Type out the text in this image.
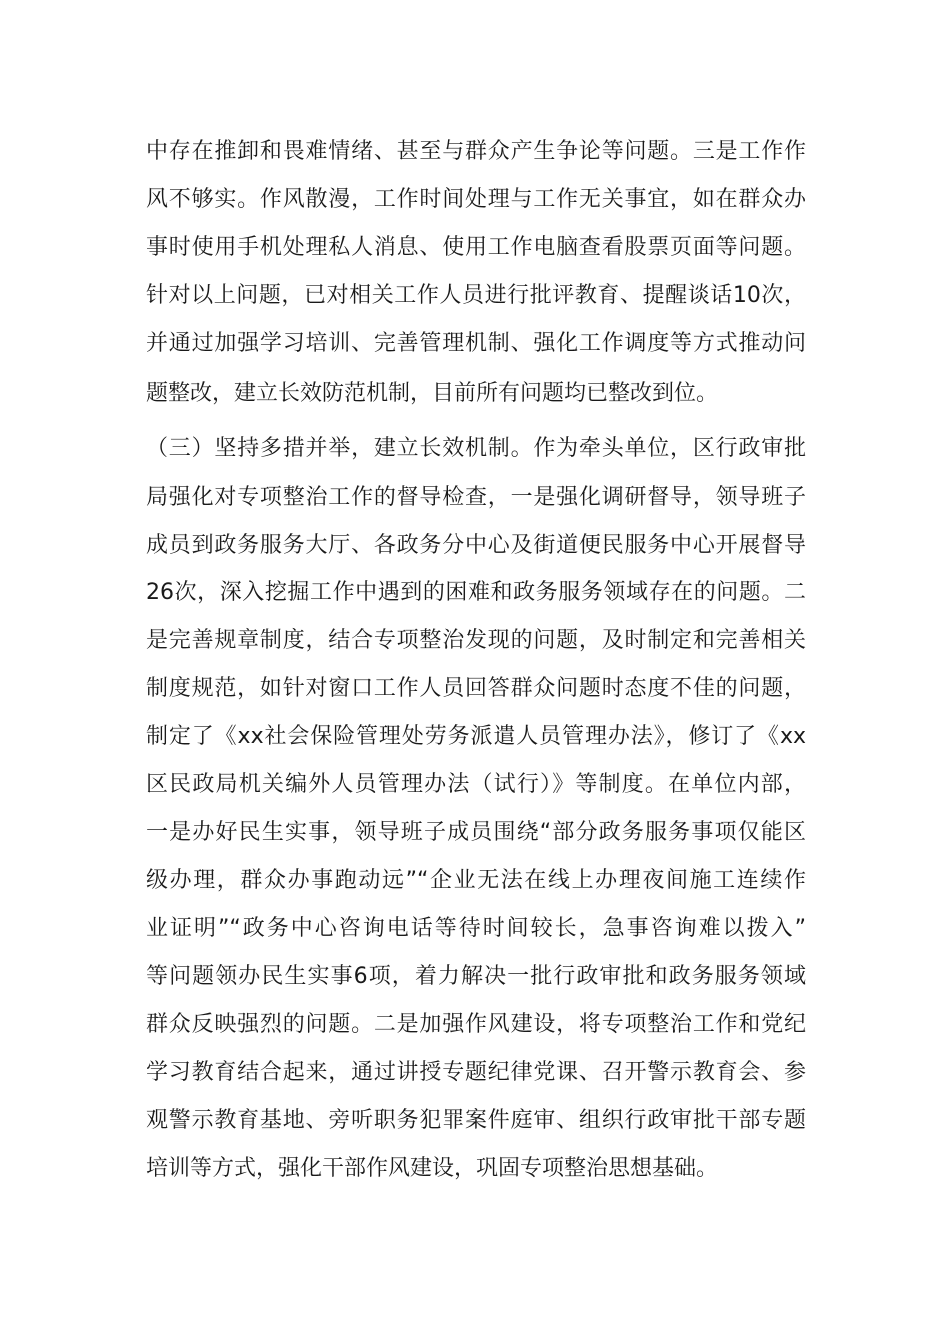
中存在推卸和畏难情绪、甚至与群众产生争论等问题。三是工作作
风不够实。作风散漫，工作时间处理与工作无关事宜，如在群众办
事时使用手机处理私人消息、使用工作电脑查看股票页面等问题。
针对以上问题，已对相关工作人员进行批评教育、提醒谈话10次，
并通过加强学习培训、完善管理机制、强化工作调度等方式推动问
题整改，建立长效防范机制，目前所有问题均已整改到位。
（三）坚持多措并举，建立长效机制。作为牵头单位，区行政审批
局强化对专项整治工作的督导检查，一是强化调研督导，领导班子
成员到政务服务大厅、各政务分中心及街道便民服务中心开展督导
26次，深入挖掘工作中遇到的困难和政务服务领域存在的问题。二
是完善规章制度，结合专项整治发现的问题，及时制定和完善相关
制度规范，如针对窗口工作人员回答群众问题时态度不佳的问题，
制定了《xx社会保险管理处劳务派遣人员管理办法》，修订了《xx
区民政局机关编外人员管理办法（试行）》等制度。在单位内部，
一是办好民生实事，领导班子成员围绕“部分政务服务事项仅能区
级办理，群众办事跑动远”“企业无法在线上办理夜间施工连续作
业证明”“政务中心咨询电话等待时间较长，急事咨询难以拨入”
等问题领办民生实事6项，着力解决一批行政审批和政务服务领域
群众反映强烈的问题。二是加强作风建设，将专项整治工作和党纪
学习教育结合起来，通过讲授专题纪律党课、召开警示教育会、参
观警示教育基地、旁听职务犯罪案件庭审、组织行政审批干部专题
培训等方式，强化干部作风建设，巩固专项整治思想基础。
